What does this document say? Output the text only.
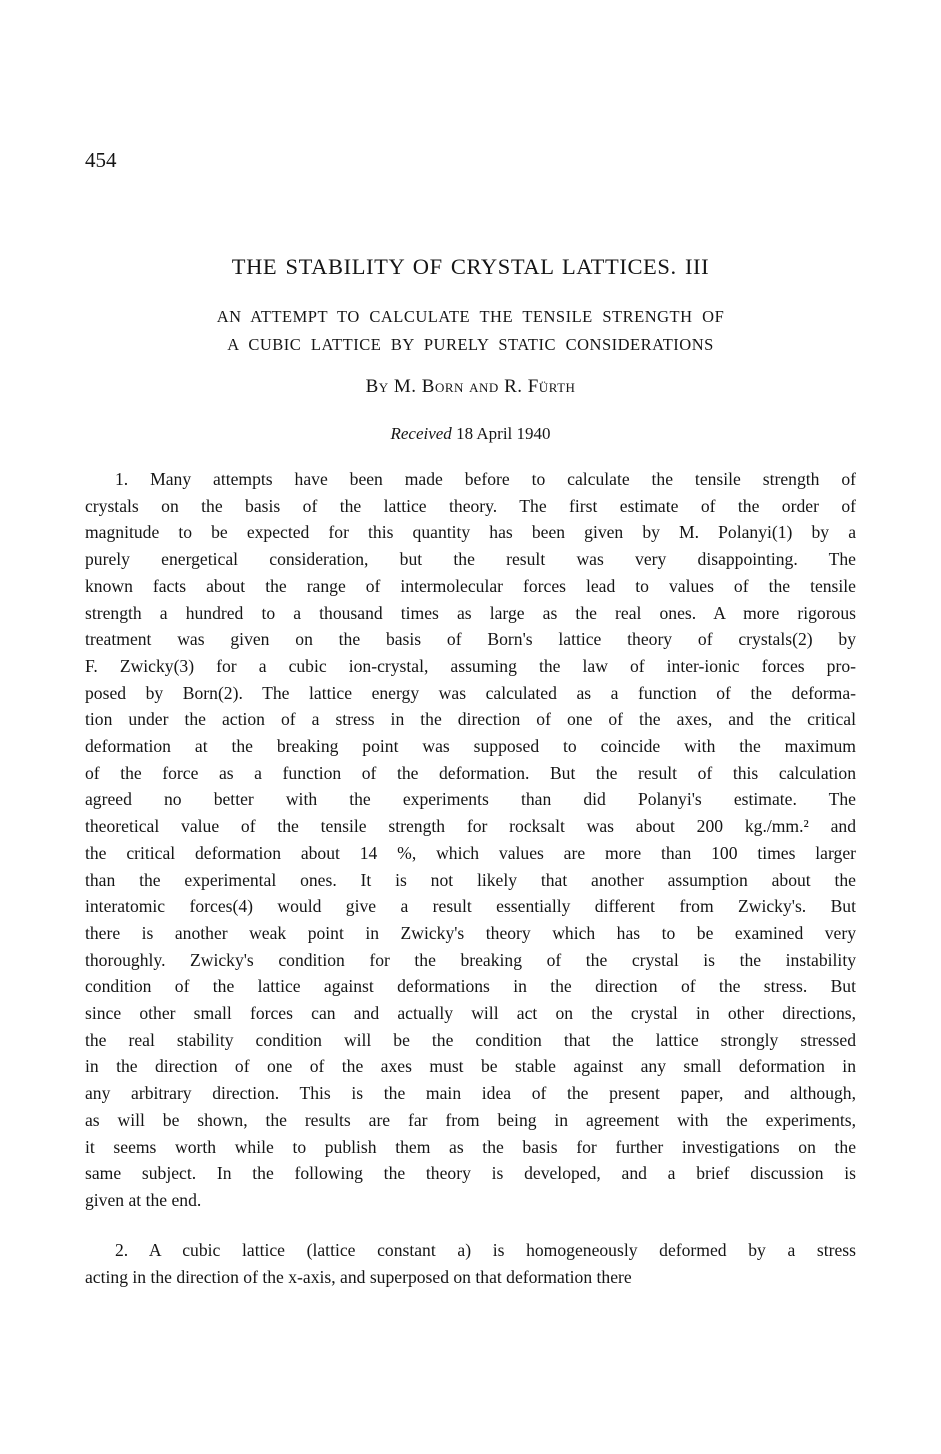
454
THE STABILITY OF CRYSTAL LATTICES. III
AN ATTEMPT TO CALCULATE THE TENSILE STRENGTH OF
A CUBIC LATTICE BY PURELY STATIC CONSIDERATIONS
By M. Born and R. Fürth
Received 18 April 1940
1. Many attempts have been made before to calculate the tensile strength of
crystals on the basis of the lattice theory. The first estimate of the order of
magnitude to be expected for this quantity has been given by M. Polanyi(1) by a
purely energetical consideration, but the result was very disappointing. The
known facts about the range of intermolecular forces lead to values of the tensile
strength a hundred to a thousand times as large as the real ones. A more rigorous
treatment was given on the basis of Born's lattice theory of crystals(2) by
F. Zwicky(3) for a cubic ion-crystal, assuming the law of inter-ionic forces pro-
posed by Born(2). The lattice energy was calculated as a function of the deforma-
tion under the action of a stress in the direction of one of the axes, and the critical
deformation at the breaking point was supposed to coincide with the maximum
of the force as a function of the deformation. But the result of this calculation
agreed no better with the experiments than did Polanyi's estimate. The
theoretical value of the tensile strength for rocksalt was about 200 kg./mm.² and
the critical deformation about 14 %, which values are more than 100 times larger
than the experimental ones. It is not likely that another assumption about the
interatomic forces(4) would give a result essentially different from Zwicky's. But
there is another weak point in Zwicky's theory which has to be examined very
thoroughly. Zwicky's condition for the breaking of the crystal is the instability
condition of the lattice against deformations in the direction of the stress. But
since other small forces can and actually will act on the crystal in other directions,
the real stability condition will be the condition that the lattice strongly stressed
in the direction of one of the axes must be stable against any small deformation in
any arbitrary direction. This is the main idea of the present paper, and although,
as will be shown, the results are far from being in agreement with the experiments,
it seems worth while to publish them as the basis for further investigations on the
same subject. In the following the theory is developed, and a brief discussion is
given at the end.
2. A cubic lattice (lattice constant a) is homogeneously deformed by a stress
acting in the direction of the x-axis, and superposed on that deformation there
